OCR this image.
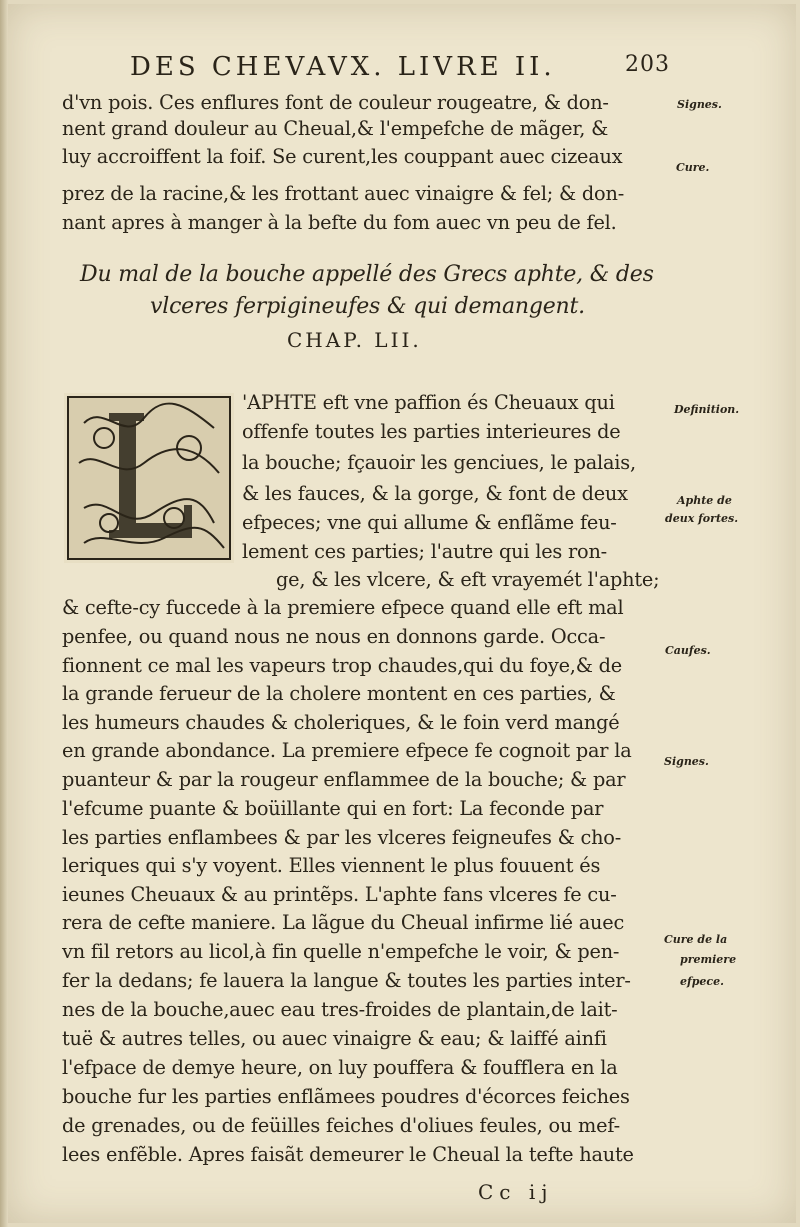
DES CHEVAVX. LIVRE II.	203
d'vn pois. Ces enflures font de couleur rougeatre, & don-
nent grand douleur au Cheual,& l'empefche de mãger, &
luy accroiffent la foif. Se curent,les couppant auec cizeaux
prez de la racine,& les frottant auec vinaigre & fel; & don-
nant apres à manger à la befte du fom auec vn peu de fel.
Du mal de la bouche appellé des Grecs aphte, & des
vlceres ferpigineufes & qui demangent.
CHAP. LII.
'APHTE eft vne paffion és Cheuaux qui
offenfe toutes les parties interieures de
la bouche; fçauoir les genciues, le palais,
& les fauces, & la gorge, & font de deux
efpeces; vne qui allume & enflãme feu-
lement ces parties; l'autre qui les ron-
ge, & les vlcere, & eft vrayemét l'aphte;
& cefte-cy fuccede à la premiere efpece quand elle eft mal
penfee, ou quand nous ne nous en donnons garde. Occa-
fionnent ce mal les vapeurs trop chaudes,qui du foye,& de
la grande ferueur de la cholere montent en ces parties, &
les humeurs chaudes & choleriques, & le foin verd mangé
en grande abondance. La premiere efpece fe cognoit par la
puanteur & par la rougeur enflammee de la bouche; & par
l'efcume puante & boüillante qui en fort: La feconde par
les parties enflambees & par les vlceres feigneufes & cho-
leriques qui s'y voyent. Elles viennent le plus fouuent és
ieunes Cheuaux & au printẽps. L'aphte fans vlceres fe cu-
rera de cefte maniere. La lãgue du Cheual infirme lié auec
vn fil retors au licol,à fin quelle n'empefche le voir, & pen-
fer la dedans; fe lauera la langue & toutes les parties inter-
nes de la bouche,auec eau tres-froides de plantain,de lait-
tuë & autres telles, ou auec vinaigre & eau; & laiffé ainfi
l'efpace de demye heure, on luy pouffera & foufflera en la
bouche fur les parties enflãmees poudres d'écorces feiches
de grenades, ou de feüilles feiches d'oliues feules, ou mef-
lees enfẽble. Apres faisãt demeurer le Cheual la tefte haute
Signes.
Cure.
Definition.
Aphte de
deux fortes.
Caufes.
Signes.
Cure de la
premiere
efpece.
Cc ij
